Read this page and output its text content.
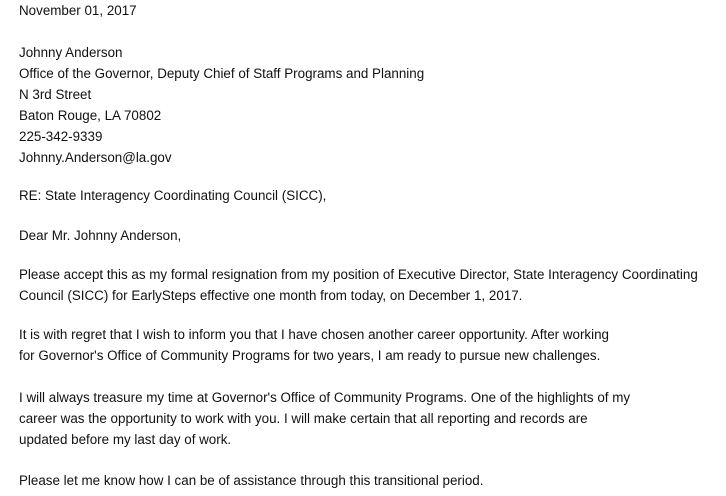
November 01, 2017
Johnny Anderson
Office of the Governor, Deputy Chief of Staff Programs and Planning
N 3rd Street
Baton Rouge, LA 70802
225-342-9339
Johnny.Anderson@la.gov
RE: State Interagency Coordinating Council (SICC),
Dear Mr. Johnny Anderson,
Please accept this as my formal resignation from my position of Executive Director, State Interagency Coordinating
Council (SICC) for EarlySteps effective one month from today, on December 1, 2017.
It is with regret that I wish to inform you that I have chosen another career opportunity. After working
for Governor's Office of Community Programs for two years, I am ready to pursue new challenges.
I will always treasure my time at Governor's Office of Community Programs. One of the highlights of my
career was the opportunity to work with you. I will make certain that all reporting and records are
updated before my last day of work.
Please let me know how I can be of assistance through this transitional period.
